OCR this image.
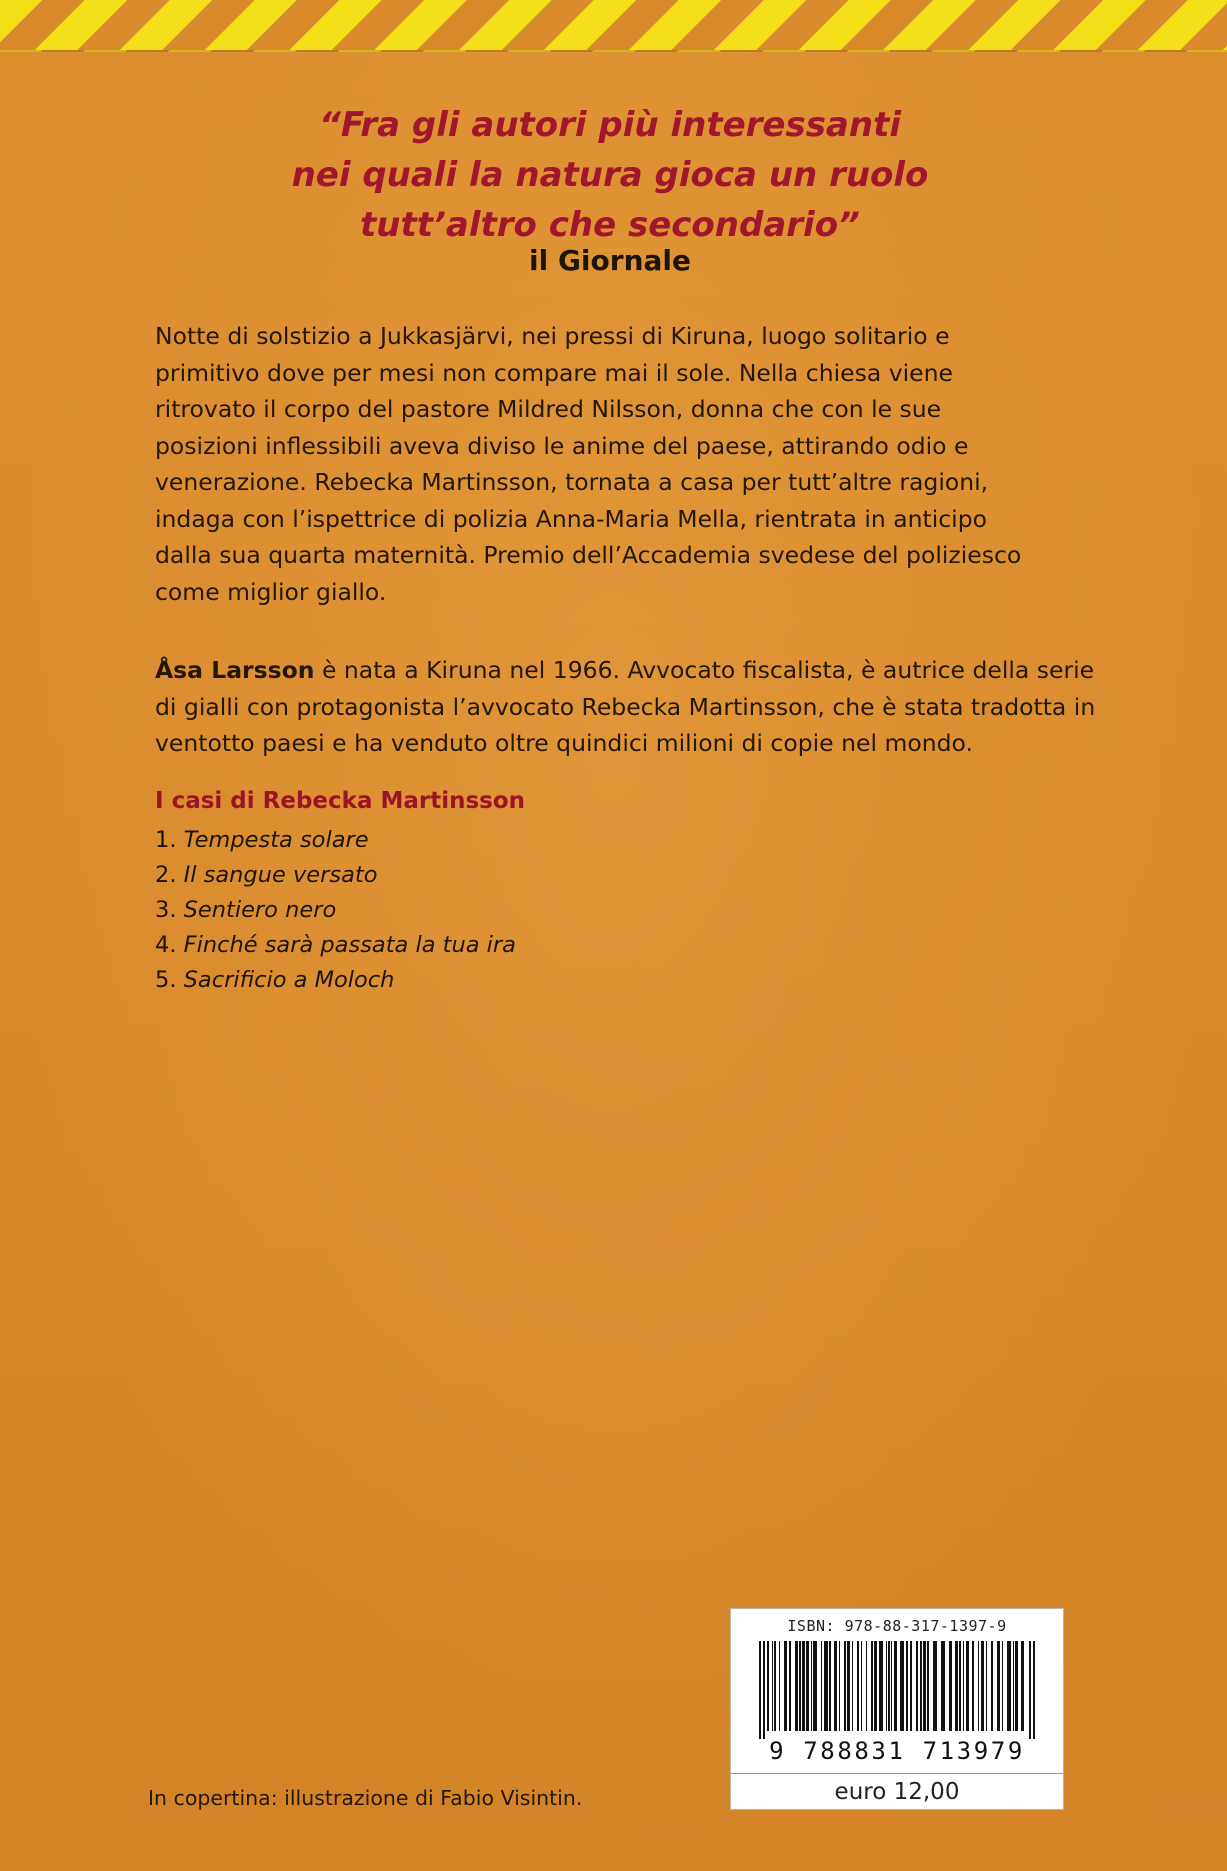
“Fra gli autori più interessanti
nei quali la natura gioca un ruolo
tutt’altro che secondario”
il Giornale
Notte di solstizio a Jukkasjärvi, nei pressi di Kiruna, luogo solitario e
primitivo dove per mesi non compare mai il sole. Nella chiesa viene
ritrovato il corpo del pastore Mildred Nilsson, donna che con le sue
posizioni inflessibili aveva diviso le anime del paese, attirando odio e
venerazione. Rebecka Martinsson, tornata a casa per tutt’altre ragioni,
indaga con l’ispettrice di polizia Anna-Maria Mella, rientrata in anticipo
dalla sua quarta maternità. Premio dell’Accademia svedese del poliziesco
come miglior giallo.
Åsa Larsson è nata a Kiruna nel 1966. Avvocato fiscalista, è autrice della serie
di gialli con protagonista l’avvocato Rebecka Martinsson, che è stata tradotta in
ventotto paesi e ha venduto oltre quindici milioni di copie nel mondo.
I casi di Rebecka Martinsson
1. Tempesta solare
2. Il sangue versato
3. Sentiero nero
4. Finché sarà passata la tua ira
5. Sacrificio a Moloch
ISBN: 978-88-317-1397-9
9 788831 713979
euro 12,00
In copertina: illustrazione di Fabio Visintin.
